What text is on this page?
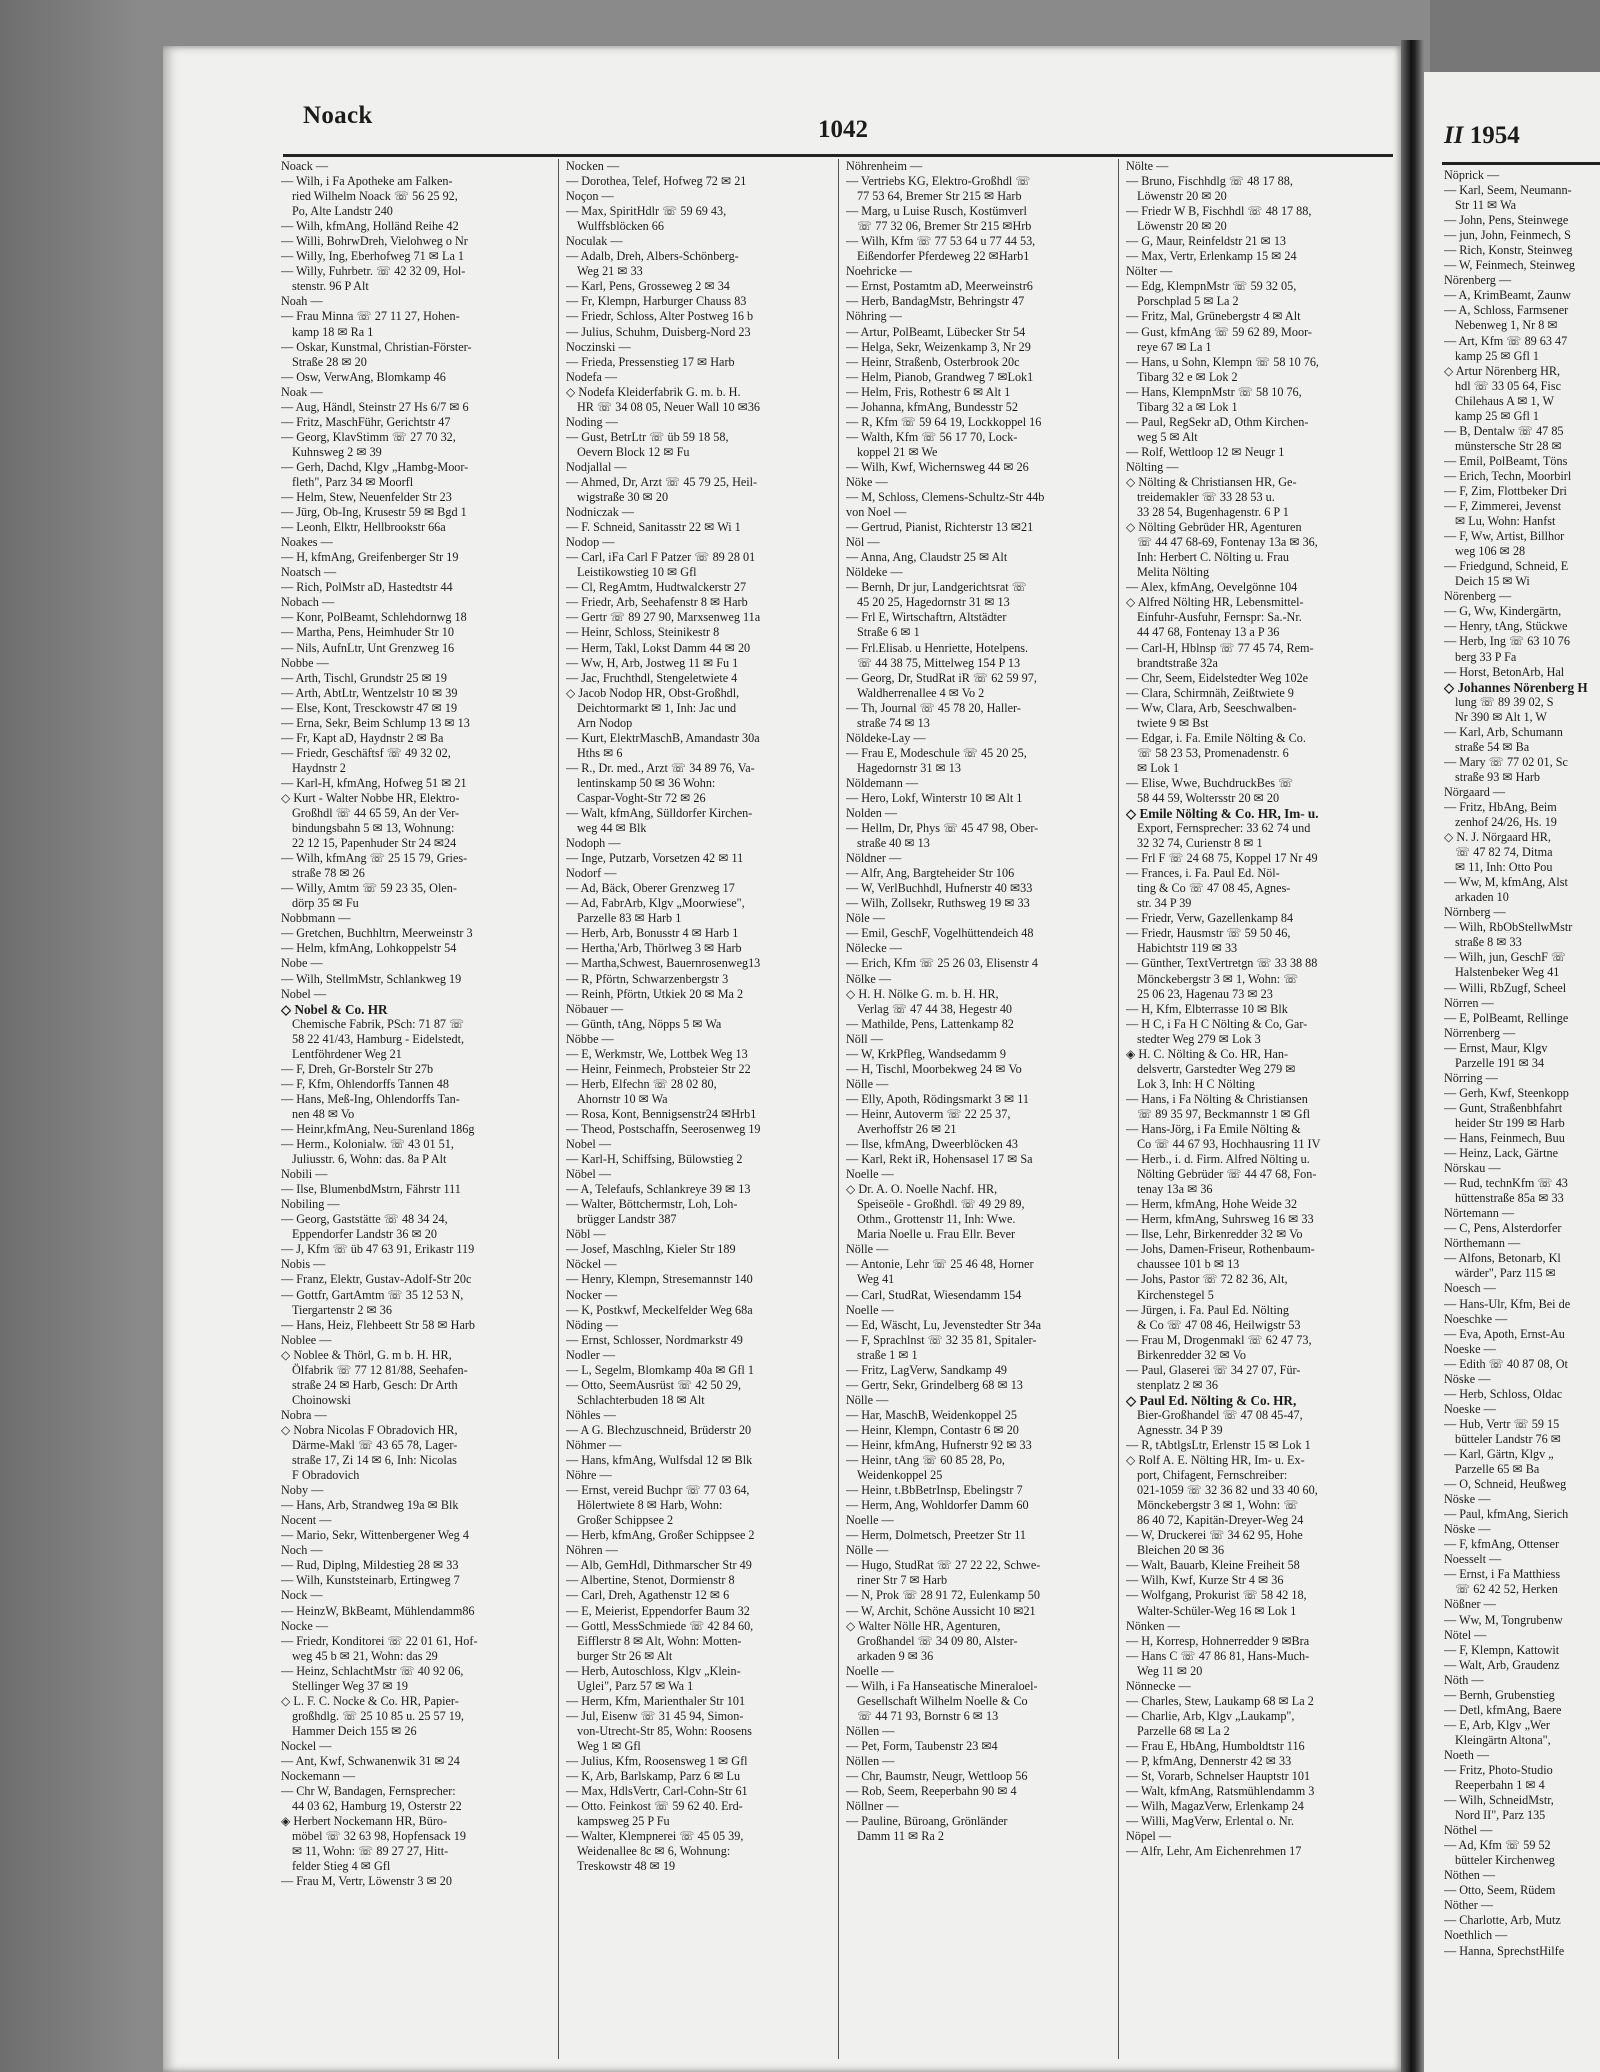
Noack
1042
Noack —
— Wilh, i Fa Apotheke am Falken-
ried Wilhelm Noack ☏ 56 25 92,
Po, Alte Landstr 240
— Wilh, kfmAng, Holländ Reihe 42
— Willi, BohrwDreh, Vielohweg o Nr
— Willy, Ing, Eberhofweg 71 ✉ La 1
— Willy, Fuhrbetr. ☏ 42 32 09, Hol-
stenstr. 96 P Alt
Noah —
— Frau Minna ☏ 27 11 27, Hohen-
kamp 18 ✉ Ra 1
— Oskar, Kunstmal, Christian-Förster-
Straße 28 ✉ 20
— Osw, VerwAng, Blomkamp 46
Noak —
— Aug, Händl, Steinstr 27 Hs 6/7 ✉ 6
— Fritz, MaschFühr, Gerichtstr 47
— Georg, KlavStimm ☏ 27 70 32,
Kuhnsweg 2 ✉ 39
— Gerh, Dachd, Klgv „Hambg-Moor-
fleth", Parz 34 ✉ Moorfl
— Helm, Stew, Neuenfelder Str 23
— Jürg, Ob-Ing, Krusestr 59 ✉ Bgd 1
— Leonh, Elktr, Hellbrookstr 66a
Noakes —
— H, kfmAng, Greifenberger Str 19
Noatsch —
— Rich, PolMstr aD, Hastedtstr 44
Nobach —
— Konr, PolBeamt, Schlehdornwg 18
— Martha, Pens, Heimhuder Str 10
— Nils, AufnLtr, Unt Grenzweg 16
Nobbe —
— Arth, Tischl, Grundstr 25 ✉ 19
— Arth, AbtLtr, Wentzelstr 10 ✉ 39
— Else, Kont, Tresckowstr 47 ✉ 19
— Erna, Sekr, Beim Schlump 13 ✉ 13
— Fr, Kapt aD, Haydnstr 2 ✉ Ba
— Friedr, Geschäftsf ☏ 49 32 02,
Haydnstr 2
— Karl-H, kfmAng, Hofweg 51 ✉ 21
◇ Kurt - Walter Nobbe HR, Elektro-
Großhdl ☏ 44 65 59, An der Ver-
bindungsbahn 5 ✉ 13, Wohnung:
22 12 15, Papenhuder Str 24 ✉24
— Wilh, kfmAng ☏ 25 15 79, Gries-
straße 78 ✉ 26
— Willy, Amtm ☏ 59 23 35, Olen-
dörp 35 ✉ Fu
Nobbmann —
— Gretchen, Buchhltrn, Meerweinstr 3
— Helm, kfmAng, Lohkoppelstr 54
Nobe —
— Wilh, StellmMstr, Schlankweg 19
Nobel —
◇ Nobel & Co. HR
Chemische Fabrik, PSch: 71 87 ☏
58 22 41/43, Hamburg - Eidelstedt,
Lentföhrdener Weg 21
— F, Dreh, Gr-Borstelr Str 27b
— F, Kfm, Ohlendorffs Tannen 48
— Hans, Meß-Ing, Ohlendorffs Tan-
nen 48 ✉ Vo
— Heinr,kfmAng, Neu-Surenland 186g
— Herm., Kolonialw. ☏ 43 01 51,
Juliusstr. 6, Wohn: das. 8a P Alt
Nobili —
— Ilse, BlumenbdMstrn, Fährstr 111
Nobiling —
— Georg, Gaststätte ☏ 48 34 24,
Eppendorfer Landstr 36 ✉ 20
— J, Kfm ☏ üb 47 63 91, Erikastr 119
Nobis —
— Franz, Elektr, Gustav-Adolf-Str 20c
— Gottfr, GartAmtm ☏ 35 12 53 N,
Tiergartenstr 2 ✉ 36
— Hans, Heiz, Flehbeett Str 58 ✉ Harb
Noblee —
◇ Noblee & Thörl, G. m b. H. HR,
Ölfabrik ☏ 77 12 81/88, Seehafen-
straße 24 ✉ Harb, Gesch: Dr Arth
Choinowski
Nobra —
◇ Nobra Nicolas F Obradovich HR,
Därme-Makl ☏ 43 65 78, Lager-
straße 17, Zi 14 ✉ 6, Inh: Nicolas
F Obradovich
Noby —
— Hans, Arb, Strandweg 19a ✉ Blk
Nocent —
— Mario, Sekr, Wittenbergener Weg 4
Noch —
— Rud, Diplng, Mildestieg 28 ✉ 33
— Wilh, Kunststeinarb, Ertingweg 7
Nock —
— HeinzW, BkBeamt, Mühlendamm86
Nocke —
— Friedr, Konditorei ☏ 22 01 61, Hof-
weg 45 b ✉ 21, Wohn: das 29
— Heinz, SchlachtMstr ☏ 40 92 06,
Stellinger Weg 37 ✉ 19
◇ L. F. C. Nocke & Co. HR, Papier-
großhdlg. ☏ 25 10 85 u. 25 57 19,
Hammer Deich 155 ✉ 26
Nockel —
— Ant, Kwf, Schwanenwik 31 ✉ 24
Nockemann —
— Chr W, Bandagen, Fernsprecher:
44 03 62, Hamburg 19, Osterstr 22
◈ Herbert Nockemann HR, Büro-
möbel ☏ 32 63 98, Hopfensack 19
✉ 11, Wohn: ☏ 89 27 27, Hitt-
felder Stieg 4 ✉ Gfl
— Frau M, Vertr, Löwenstr 3 ✉ 20
Nocken —
— Dorothea, Telef, Hofweg 72 ✉ 21
Noçon —
— Max, SpiritHdlr ☏ 59 69 43,
Wulffsblöcken 66
Noculak —
— Adalb, Dreh, Albers-Schönberg-
Weg 21 ✉ 33
— Karl, Pens, Grosseweg 2 ✉ 34
— Fr, Klempn, Harburger Chauss 83
— Friedr, Schloss, Alter Postweg 16 b
— Julius, Schuhm, Duisberg-Nord 23
Noczinski —
— Frieda, Pressenstieg 17 ✉ Harb
Nodefa —
◇ Nodefa Kleiderfabrik G. m. b. H.
HR ☏ 34 08 05, Neuer Wall 10 ✉36
Noding —
— Gust, BetrLtr ☏ üb 59 18 58,
Oevern Block 12 ✉ Fu
Nodjallal —
— Ahmed, Dr, Arzt ☏ 45 79 25, Heil-
wigstraße 30 ✉ 20
Nodniczak —
— F. Schneid, Sanitasstr 22 ✉ Wi 1
Nodop —
— Carl, iFa Carl F Patzer ☏ 89 28 01
Leistikowstieg 10 ✉ Gfl
— Cl, RegAmtm, Hudtwalckerstr 27
— Friedr, Arb, Seehafenstr 8 ✉ Harb
— Gertr ☏ 89 27 90, Marxsenweg 11a
— Heinr, Schloss, Steinikestr 8
— Herm, Takl, Lokst Damm 44 ✉ 20
— Ww, H, Arb, Jostweg 11 ✉ Fu 1
— Jac, Fruchthdl, Stengeletwiete 4
◇ Jacob Nodop HR, Obst-Großhdl,
Deichtormarkt ✉ 1, Inh: Jac und
Arn Nodop
— Kurt, ElektrMaschB, Amandastr 30a
Hths ✉ 6
— R., Dr. med., Arzt ☏ 34 89 76, Va-
lentinskamp 50 ✉ 36 Wohn:
Caspar-Voght-Str 72 ✉ 26
— Walt, kfmAng, Sülldorfer Kirchen-
weg 44 ✉ Blk
Nodoph —
— Inge, Putzarb, Vorsetzen 42 ✉ 11
Nodorf —
— Ad, Bäck, Oberer Grenzweg 17
— Ad, FabrArb, Klgv „Moorwiese",
Parzelle 83 ✉ Harb 1
— Herb, Arb, Bonusstr 4 ✉ Harb 1
— Hertha,'Arb, Thörlweg 3 ✉ Harb
— Martha,Schwest, Bauernrosenweg13
— R, Pförtn, Schwarzenbergstr 3
— Reinh, Pförtn, Utkiek 20 ✉ Ma 2
Nöbauer —
— Günth, tAng, Nöpps 5 ✉ Wa
Nöbbe —
— E, Werkmstr, We, Lottbek Weg 13
— Heinr, Feinmech, Probsteier Str 22
— Herb, Elfechn ☏ 28 02 80,
Ahornstr 10 ✉ Wa
— Rosa, Kont, Bennigsenstr24 ✉Hrb1
— Theod, Postschaffn, Seerosenweg 19
Nobel —
— Karl-H, Schiffsing, Bülowstieg 2
Nöbel —
— A, Telefaufs, Schlankreye 39 ✉ 13
— Walter, Böttchermstr, Loh, Loh-
brügger Landstr 387
Nöbl —
— Josef, Maschlng, Kieler Str 189
Nöckel —
— Henry, Klempn, Stresemannstr 140
Nocker —
— K, Postkwf, Meckelfelder Weg 68a
Nöding —
— Ernst, Schlosser, Nordmarkstr 49
Nodler —
— L, Segelm, Blomkamp 40a ✉ Gfl 1
— Otto, SeemAusrüst ☏ 42 50 29,
Schlachterbuden 18 ✉ Alt
Nöhles —
— A G. Blechzuschneid, Brüderstr 20
Nöhmer —
— Hans, kfmAng, Wulfsdal 12 ✉ Blk
Nöhre —
— Ernst, vereid Buchpr ☏ 77 03 64,
Hölertwiete 8 ✉ Harb, Wohn:
Großer Schippsee 2
— Herb, kfmAng, Großer Schippsee 2
Nöhren —
— Alb, GemHdl, Dithmarscher Str 49
— Albertine, Stenot, Dormienstr 8
— Carl, Dreh, Agathenstr 12 ✉ 6
— E, Meierist, Eppendorfer Baum 32
— Gottl, MessSchmiede ☏ 42 84 60,
Eifflerstr 8 ✉ Alt, Wohn: Motten-
burger Str 26 ✉ Alt
— Herb, Autoschloss, Klgv „Klein-
Uglei", Parz 57 ✉ Wa 1
— Herm, Kfm, Marienthaler Str 101
— Jul, Eisenw ☏ 31 45 94, Simon-
von-Utrecht-Str 85, Wohn: Roosens
Weg 1 ✉ Gfl
— Julius, Kfm, Roosensweg 1 ✉ Gfl
— K, Arb, Barlskamp, Parz 6 ✉ Lu
— Max, HdlsVertr, Carl-Cohn-Str 61
— Otto. Feinkost ☏ 59 62 40. Erd-
kampsweg 25 P Fu
— Walter, Klempnerei ☏ 45 05 39,
Weidenallee 8c ✉ 6, Wohnung:
Treskowstr 48 ✉ 19
Nöhrenheim —
— Vertriebs KG, Elektro-Großhdl ☏
77 53 64, Bremer Str 215 ✉ Harb
— Marg, u Luise Rusch, Kostümverl
☏ 77 32 06, Bremer Str 215 ✉Hrb
— Wilh, Kfm ☏ 77 53 64 u 77 44 53,
Eißendorfer Pferdeweg 22 ✉Harb1
Noehricke —
— Ernst, Postamtm aD, Meerweinstr6
— Herb, BandagMstr, Behringstr 47
Nöhring —
— Artur, PolBeamt, Lübecker Str 54
— Helga, Sekr, Weizenkamp 3, Nr 29
— Heinr, Straßenb, Osterbrook 20c
— Helm, Pianob, Grandweg 7 ✉Lok1
— Helm, Fris, Rothestr 6 ✉ Alt 1
— Johanna, kfmAng, Bundesstr 52
— R, Kfm ☏ 59 64 19, Lockkoppel 16
— Walth, Kfm ☏ 56 17 70, Lock-
koppel 21 ✉ We
— Wilh, Kwf, Wichernsweg 44 ✉ 26
Nöke —
— M, Schloss, Clemens-Schultz-Str 44b
von Noel —
— Gertrud, Pianist, Richterstr 13 ✉21
Nöl —
— Anna, Ang, Claudstr 25 ✉ Alt
Nöldeke —
— Bernh, Dr jur, Landgerichtsrat ☏
45 20 25, Hagedornstr 31 ✉ 13
— Frl E, Wirtschaftrn, Altstädter
Straße 6 ✉ 1
— Frl.Elisab. u Henriette, Hotelpens.
☏ 44 38 75, Mittelweg 154 P 13
— Georg, Dr, StudRat iR ☏ 62 59 97,
Waldherrenallee 4 ✉ Vo 2
— Th, Journal ☏ 45 78 20, Haller-
straße 74 ✉ 13
Nöldeke-Lay —
— Frau E, Modeschule ☏ 45 20 25,
Hagedornstr 31 ✉ 13
Nöldemann —
— Hero, Lokf, Winterstr 10 ✉ Alt 1
Nolden —
— Hellm, Dr, Phys ☏ 45 47 98, Ober-
straße 40 ✉ 13
Nöldner —
— Alfr, Ang, Bargteheider Str 106
— W, VerlBuchhdl, Hufnerstr 40 ✉33
— Wilh, Zollsekr, Ruthsweg 19 ✉ 33
Nöle —
— Emil, GeschF, Vogelhüttendeich 48
Nölecke —
— Erich, Kfm ☏ 25 26 03, Elisenstr 4
Nölke —
◇ H. H. Nölke G. m. b. H. HR,
Verlag ☏ 47 44 38, Hegestr 40
— Mathilde, Pens, Lattenkamp 82
Nöll —
— W, KrkPfleg, Wandsedamm 9
— H, Tischl, Moorbekweg 24 ✉ Vo
Nölle —
— Elly, Apoth, Rödingsmarkt 3 ✉ 11
— Heinr, Autoverm ☏ 22 25 37,
Averhoffstr 26 ✉ 21
— Ilse, kfmAng, Dweerblöcken 43
— Karl, Rekt iR, Hohensasel 17 ✉ Sa
Noelle —
◇ Dr. A. O. Noelle Nachf. HR,
Speiseöle - Großhdl. ☏ 49 29 89,
Othm., Grottenstr 11, Inh: Wwe.
Maria Noelle u. Frau Ellr. Bever
Nölle —
— Antonie, Lehr ☏ 25 46 48, Horner
Weg 41
— Carl, StudRat, Wiesendamm 154
Noelle —
— Ed, Wäscht, Lu, Jevenstedter Str 34a
— F, Sprachlnst ☏ 32 35 81, Spitaler-
straße 1 ✉ 1
— Fritz, LagVerw, Sandkamp 49
— Gertr, Sekr, Grindelberg 68 ✉ 13
Nölle —
— Har, MaschB, Weidenkoppel 25
— Heinr, Klempn, Contastr 6 ✉ 20
— Heinr, kfmAng, Hufnerstr 92 ✉ 33
— Heinr, tAng ☏ 60 85 28, Po,
Weidenkoppel 25
— Heinr, t.BbBetrInsp, Ebelingstr 7
— Herm, Ang, Wohldorfer Damm 60
Noelle —
— Herm, Dolmetsch, Preetzer Str 11
Nölle —
— Hugo, StudRat ☏ 27 22 22, Schwe-
riner Str 7 ✉ Harb
— N, Prok ☏ 28 91 72, Eulenkamp 50
— W, Archit, Schöne Aussicht 10 ✉21
◇ Walter Nölle HR, Agenturen,
Großhandel ☏ 34 09 80, Alster-
arkaden 9 ✉ 36
Noelle —
— Wilh, i Fa Hanseatische Mineraloel-
Gesellschaft Wilhelm Noelle & Co
☏ 44 71 93, Bornstr 6 ✉ 13
Nöllen —
— Pet, Form, Taubenstr 23 ✉4
Nöllen —
— Chr, Baumstr, Neugr, Wettloop 56
— Rob, Seem, Reeperbahn 90 ✉ 4
Nöllner —
— Pauline, Büroang, Grönländer
Damm 11 ✉ Ra 2
Nölte —
— Bruno, Fischhdlg ☏ 48 17 88,
Löwenstr 20 ✉ 20
— Friedr W B, Fischhdl ☏ 48 17 88,
Löwenstr 20 ✉ 20
— G, Maur, Reinfeldstr 21 ✉ 13
— Max, Vertr, Erlenkamp 15 ✉ 24
Nölter —
— Edg, KlempnMstr ☏ 59 32 05,
Porschplad 5 ✉ La 2
— Fritz, Mal, Grünebergstr 4 ✉ Alt
— Gust, kfmAng ☏ 59 62 89, Moor-
reye 67 ✉ La 1
— Hans, u Sohn, Klempn ☏ 58 10 76,
Tibarg 32 e ✉ Lok 2
— Hans, KlempnMstr ☏ 58 10 76,
Tibarg 32 a ✉ Lok 1
— Paul, RegSekr aD, Othm Kirchen-
weg 5 ✉ Alt
— Rolf, Wettloop 12 ✉ Neugr 1
Nölting —
◇ Nölting & Christiansen HR, Ge-
treidemakler ☏ 33 28 53 u.
33 28 54, Bugenhagenstr. 6 P 1
◇ Nölting Gebrüder HR, Agenturen
☏ 44 47 68-69, Fontenay 13a ✉ 36,
Inh: Herbert C. Nölting u. Frau
Melita Nölting
— Alex, kfmAng, Oevelgönne 104
◇ Alfred Nölting HR, Lebensmittel-
Einfuhr-Ausfuhr, Fernspr: Sa.-Nr.
44 47 68, Fontenay 13 a P 36
— Carl-H, Hblnsp ☏ 77 45 74, Rem-
brandtstraße 32a
— Chr, Seem, Eidelstedter Weg 102e
— Clara, Schirmnäh, Zeißtwiete 9
— Ww, Clara, Arb, Seeschwalben-
twiete 9 ✉ Bst
— Edgar, i. Fa. Emile Nölting & Co.
☏ 58 23 53, Promenadenstr. 6
✉ Lok 1
— Elise, Wwe, BuchdruckBes ☏
58 44 59, Woltersstr 20 ✉ 20
◇ Emile Nölting & Co. HR, Im- u.
Export, Fernsprecher: 33 62 74 und
32 32 74, Curienstr 8 ✉ 1
— Frl F ☏ 24 68 75, Koppel 17 Nr 49
— Frances, i. Fa. Paul Ed. Nöl-
ting & Co ☏ 47 08 45, Agnes-
str. 34 P 39
— Friedr, Verw, Gazellenkamp 84
— Friedr, Hausmstr ☏ 59 50 46,
Habichtstr 119 ✉ 33
— Günther, TextVertretgn ☏ 33 38 88
Mönckebergstr 3 ✉ 1, Wohn: ☏
25 06 23, Hagenau 73 ✉ 23
— H, Kfm, Elbterrasse 10 ✉ Blk
— H C, i Fa H C Nölting & Co, Gar-
stedter Weg 279 ✉ Lok 3
◈ H. C. Nölting & Co. HR, Han-
delsvertr, Garstedter Weg 279 ✉
Lok 3, Inh: H C Nölting
— Hans, i Fa Nölting & Christiansen
☏ 89 35 97, Beckmannstr 1 ✉ Gfl
— Hans-Jörg, i Fa Emile Nölting &
Co ☏ 44 67 93, Hochhausring 11 IV
— Herb., i. d. Firm. Alfred Nölting u.
Nölting Gebrüder ☏ 44 47 68, Fon-
tenay 13a ✉ 36
— Herm, kfmAng, Hohe Weide 32
— Herm, kfmAng, Suhrsweg 16 ✉ 33
— Ilse, Lehr, Birkenredder 32 ✉ Vo
— Johs, Damen-Friseur, Rothenbaum-
chaussee 101 b ✉ 13
— Johs, Pastor ☏ 72 82 36, Alt,
Kirchenstegel 5
— Jürgen, i. Fa. Paul Ed. Nölting
& Co ☏ 47 08 46, Heilwigstr 53
— Frau M, Drogenmakl ☏ 62 47 73,
Birkenredder 32 ✉ Vo
— Paul, Glaserei ☏ 34 27 07, Für-
stenplatz 2 ✉ 36
◇ Paul Ed. Nölting & Co. HR,
Bier-Großhandel ☏ 47 08 45-47,
Agnesstr. 34 P 39
— R, tAbtlgsLtr, Erlenstr 15 ✉ Lok 1
◇ Rolf A. E. Nölting HR, Im- u. Ex-
port, Chifagent, Fernschreiber:
021-1059 ☏ 32 36 82 und 33 40 60,
Mönckebergstr 3 ✉ 1, Wohn: ☏
86 40 72, Kapitän-Dreyer-Weg 24
— W, Druckerei ☏ 34 62 95, Hohe
Bleichen 20 ✉ 36
— Walt, Bauarb, Kleine Freiheit 58
— Wilh, Kwf, Kurze Str 4 ✉ 36
— Wolfgang, Prokurist ☏ 58 42 18,
Walter-Schüler-Weg 16 ✉ Lok 1
Nönken —
— H, Korresp, Hohnerredder 9 ✉Bra
— Hans C ☏ 47 86 81, Hans-Much-
Weg 11 ✉ 20
Nönnecke —
— Charles, Stew, Laukamp 68 ✉ La 2
— Charlie, Arb, Klgv „Laukamp",
Parzelle 68 ✉ La 2
— Frau E, HbAng, Humboldtstr 116
— P, kfmAng, Dennerstr 42 ✉ 33
— St, Vorarb, Schnelser Hauptstr 101
— Walt, kfmAng, Ratsmühlendamm 3
— Wilh, MagazVerw, Erlenkamp 24
— Willi, MagVerw, Erlental o. Nr.
Nöpel —
— Alfr, Lehr, Am Eichenrehmen 17
II 1954
Nöprick —
— Karl, Seem, Neumann-
Str 11 ✉ Wa
— John, Pens, Steinwege
— jun, John, Feinmech, S
— Rich, Konstr, Steinweg
— W, Feinmech, Steinweg
Nörenberg —
— A, KrimBeamt, Zaunw
— A, Schloss, Farmsener
Nebenweg 1, Nr 8 ✉
— Art, Kfm ☏ 89 63 47
kamp 25 ✉ Gfl 1
◇ Artur Nörenberg HR,
hdl ☏ 33 05 64, Fisc
Chilehaus A ✉ 1, W
kamp 25 ✉ Gfl 1
— B, Dentalw ☏ 47 85
münstersche Str 28 ✉
— Emil, PolBeamt, Töns
— Erich, Techn, Moorbirl
— F, Zim, Flottbeker Dri
— F, Zimmerei, Jevenst
✉ Lu, Wohn: Hanfst
— F, Ww, Artist, Billhor
weg 106 ✉ 28
— Friedgund, Schneid, E
Deich 15 ✉ Wi
Nörenberg —
— G, Ww, Kindergärtn,
— Henry, tAng, Stückwe
— Herb, Ing ☏ 63 10 76
berg 33 P Fa
— Horst, BetonArb, Hal
◇ Johannes Nörenberg H
lung ☏ 89 39 02, S
Nr 390 ✉ Alt 1, W
— Karl, Arb, Schumann
straße 54 ✉ Ba
— Mary ☏ 77 02 01, Sc
straße 93 ✉ Harb
Nörgaard —
— Fritz, HbAng, Beim
zenhof 24/26, Hs. 19
◇ N. J. Nörgaard HR,
☏ 47 82 74, Ditma
✉ 11, Inh: Otto Pou
— Ww, M, kfmAng, Alst
arkaden 10
Nörnberg —
— Wilh, RbObStellwMstr
straße 8 ✉ 33
— Wilh, jun, GeschF ☏
Halstenbeker Weg 41
— Willi, RbZugf, Scheel
Nörren —
— E, PolBeamt, Rellinge
Nörrenberg —
— Ernst, Maur, Klgv
Parzelle 191 ✉ 34
Nörring —
— Gerh, Kwf, Steenkopp
— Gunt, Straßenbhfahrt
heider Str 199 ✉ Harb
— Hans, Feinmech, Buu
— Heinz, Lack, Gärtne
Nörskau —
— Rud, technKfm ☏ 43
hüttenstraße 85a ✉ 33
Nörtemann —
— C, Pens, Alsterdorfer
Nörthemann —
— Alfons, Betonarb, Kl
wärder", Parz 115 ✉
Noesch —
— Hans-Ulr, Kfm, Bei de
Noeschke —
— Eva, Apoth, Ernst-Au
Noeske —
— Edith ☏ 40 87 08, Ot
Nöske —
— Herb, Schloss, Oldac
Noeske —
— Hub, Vertr ☏ 59 15
bütteler Landstr 76 ✉
— Karl, Gärtn, Klgv „
Parzelle 65 ✉ Ba
— O, Schneid, Heußweg
Nöske —
— Paul, kfmAng, Sierich
Nöske —
— F, kfmAng, Ottenser
Noesselt —
— Ernst, i Fa Matthiess
☏ 62 42 52, Herken
Nößner —
— Ww, M, Tongrubenw
Nötel —
— F, Klempn, Kattowit
— Walt, Arb, Graudenz
Nöth —
— Bernh, Grubenstieg
— Detl, kfmAng, Baere
— E, Arb, Klgv „Wer
Kleingärtn Altona",
Noeth —
— Fritz, Photo-Studio
Reeperbahn 1 ✉ 4
— Wilh, SchneidMstr,
Nord II", Parz 135
Nöthel —
— Ad, Kfm ☏ 59 52
bütteler Kirchenweg
Nöthen —
— Otto, Seem, Rüdem
Nöther —
— Charlotte, Arb, Mutz
Noethlich —
— Hanna, SprechstHilfe
